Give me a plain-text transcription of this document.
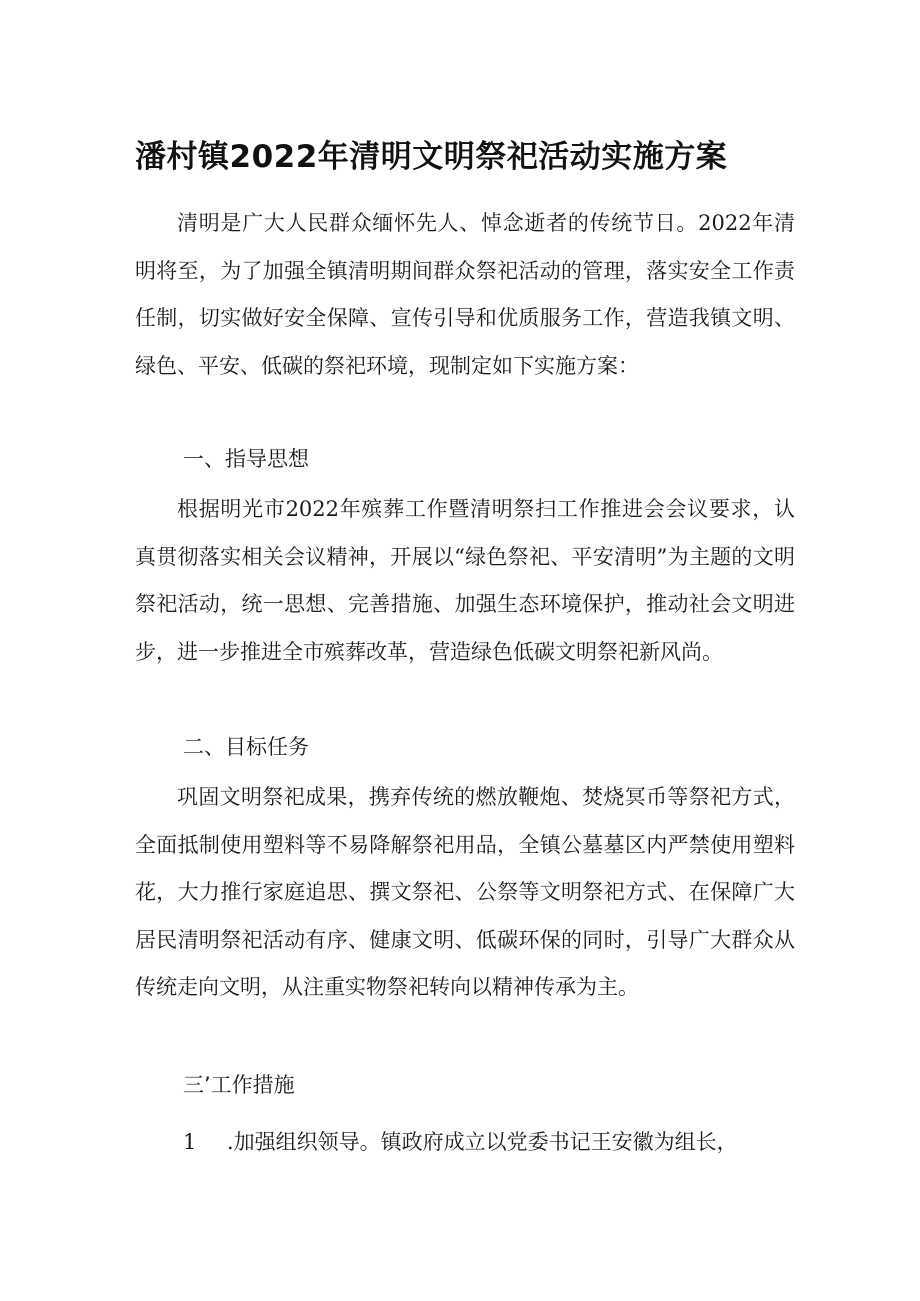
潘村镇2022年清明文明祭祀活动实施方案

清明是广大人民群众缅怀先人、悼念逝者的传统节日。2022年清明将至，为了加强全镇清明期间群众祭祀活动的管理，落实安全工作责任制，切实做好安全保障、宣传引导和优质服务工作，营造我镇文明、绿色、平安、低碳的祭祀环境，现制定如下实施方案：

一、指导思想

根据明光市2022年殡葬工作暨清明祭扫工作推进会会议要求，认真贯彻落实相关会议精神，开展以“绿色祭祀、平安清明”为主题的文明祭祀活动，统一思想、完善措施、加强生态环境保护，推动社会文明进步，进一步推进全市殡葬改革，营造绿色低碳文明祭祀新风尚。

二、目标任务

巩固文明祭祀成果，携弃传统的燃放鞭炮、焚烧冥币等祭祀方式，全面抵制使用塑料等不易降解祭祀用品，全镇公墓墓区内严禁使用塑料花，大力推行家庭追思、撰文祭祀、公祭等文明祭祀方式、在保障广大居民清明祭祀活动有序、健康文明、低碳环保的同时，引导广大群众从传统走向文明，从注重实物祭祀转向以精神传承为主。

三’工作措施

1 .加强组织领导。镇政府成立以党委书记王安徽为组长，
